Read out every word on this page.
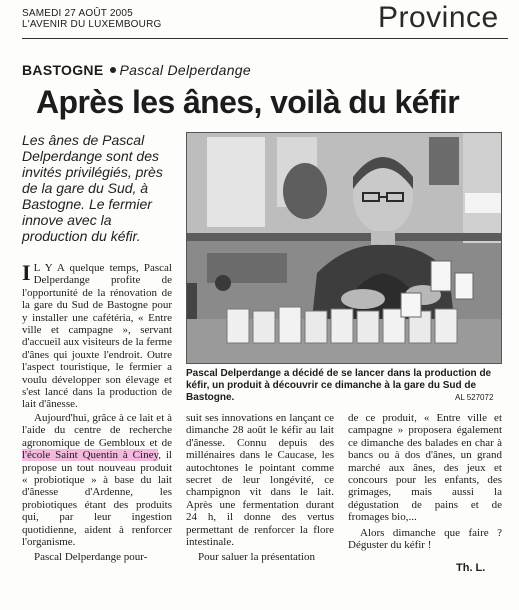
SAMEDI 27 AOÛT 2005
L'AVENIR DU LUXEMBOURG	Province
BASTOGNE Pascal Delperdange
Après les ânes, voilà du kéfir
Les ânes de Pascal Delperdange sont des invités privilégiés, près de la gare du Sud, à Bastogne. Le fermier innove avec la production du kéfir.
Pascal Delperdange a décidé de se lancer dans la production de kéfir, un produit à découvrir ce dimanche à la gare du Sud de Bastogne.	AL 527072

I L Y A quelque temps, Pascal Delperdange profite de l'opportunité de la rénovation de la gare du Sud de Bastogne pour y installer une cafétéria, « Entre ville et campagne », servant d'accueil aux visiteurs de la ferme d'ânes qui jouxte l'endroit. Outre l'aspect touristique, le fermier a voulu développer son élevage et s'est lancé dans la production de lait d'ânesse.

Aujourd'hui, grâce à ce lait et à l'aide du centre de recherche agronomique de Gembloux et de l'école Saint Quentin à Ciney, il propose un tout nouveau produit « probiotique » à base du lait d'ânesse d'Ardenne, les probiotiques étant des produits qui, par leur ingestion quotidienne, aident à renforcer l'organisme.

Pascal Delperdange pour-

suit ses innovations en lançant ce dimanche 28 août le kéfir au lait d'ânesse. Connu depuis des millénaires dans le Caucase, les autochtones le pointant comme secret de leur longévité, ce champignon vit dans le lait. Après une fermentation durant 24 h, il donne des vertus permettant de renforcer la flore intestinale.

Pour saluer la présentation

de ce produit, « Entre ville et campagne » proposera également ce dimanche des balades en char à bancs ou à dos d'ânes, un grand marché aux ânes, des jeux et concours pour les enfants, des grimages, mais aussi la dégustation de pains et de fromages bio,...

Alors dimanche que faire ? Déguster du kéfir !

Th. L.
